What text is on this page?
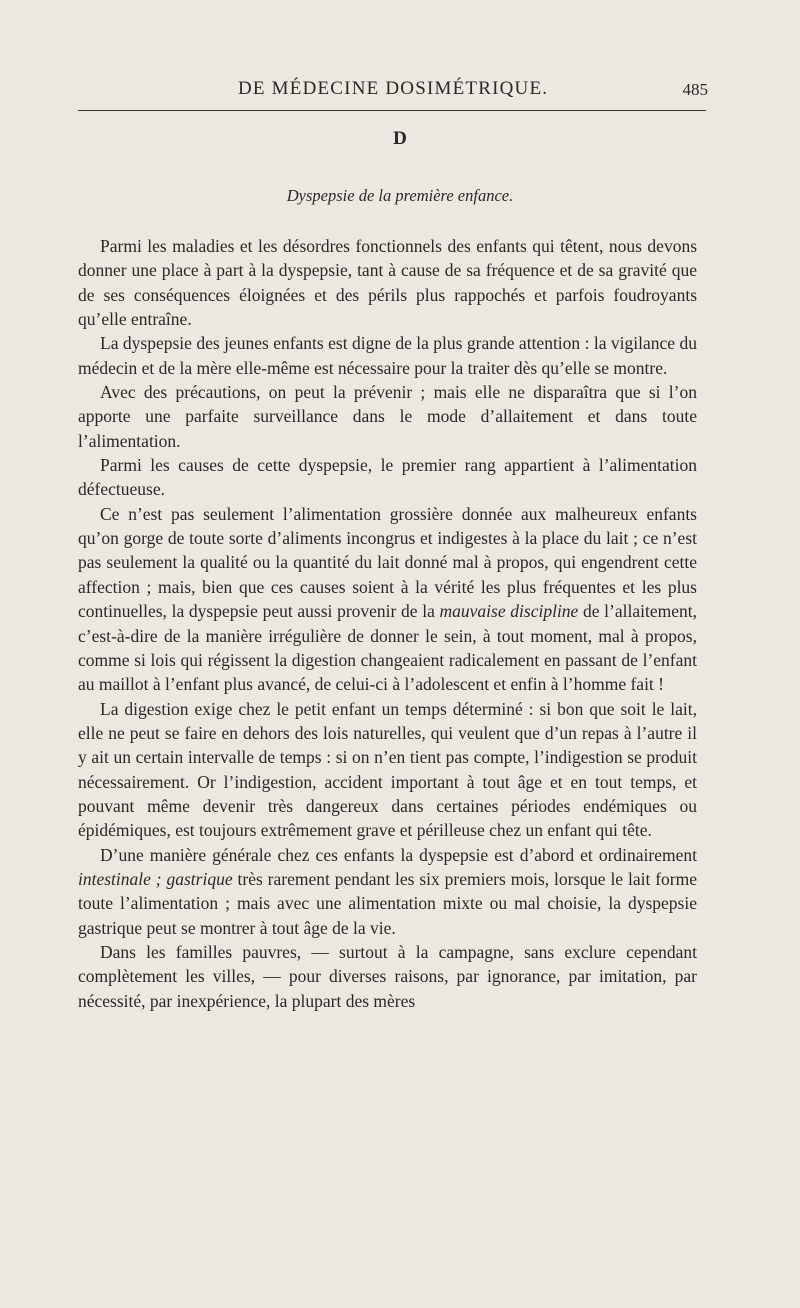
DE MÉDECINE DOSIMÉTRIQUE.	485
D
Dyspepsie de la première enfance.

Parmi les maladies et les désordres fonctionnels des enfants qui têtent, nous devons donner une place à part à la dyspepsie, tant à cause de sa fréquence et de sa gravité que de ses conséquences éloignées et des périls plus rappochés et parfois foudroyants qu’elle entraîne.

La dyspepsie des jeunes enfants est digne de la plus grande attention : la vigilance du médecin et de la mère elle-même est nécessaire pour la traiter dès qu’elle se montre.

Avec des précautions, on peut la prévenir ; mais elle ne disparaîtra que si l’on apporte une parfaite surveillance dans le mode d’allaitement et dans toute l’alimentation.

Parmi les causes de cette dyspepsie, le premier rang appartient à l’alimentation défectueuse.

Ce n’est pas seulement l’alimentation grossière donnée aux malheureux enfants qu’on gorge de toute sorte d’aliments incongrus et indigestes à la place du lait ; ce n’est pas seulement la qualité ou la quantité du lait donné mal à propos, qui engendrent cette affection ; mais, bien que ces causes soient à la vérité les plus fréquentes et les plus continuelles, la dyspepsie peut aussi provenir de la mauvaise discipline de l’allaitement, c’est-à-dire de la manière irrégulière de donner le sein, à tout moment, mal à propos, comme si lois qui régissent la digestion changeaient radicalement en passant de l’enfant au maillot à l’enfant plus avancé, de celui-ci à l’adolescent et enfin à l’homme fait !

La digestion exige chez le petit enfant un temps déterminé : si bon que soit le lait, elle ne peut se faire en dehors des lois naturelles, qui veulent que d’un repas à l’autre il y ait un certain intervalle de temps : si on n’en tient pas compte, l’indigestion se produit nécessairement. Or l’indigestion, accident important à tout âge et en tout temps, et pouvant même devenir très dangereux dans certaines périodes endémiques ou épidémiques, est toujours extrêmement grave et périlleuse chez un enfant qui tête.

D’une manière générale chez ces enfants la dyspepsie est d’abord et ordinairement intestinale ; gastrique très rarement pendant les six premiers mois, lorsque le lait forme toute l’alimentation ; mais avec une alimentation mixte ou mal choisie, la dyspepsie gastrique peut se montrer à tout âge de la vie.

Dans les familles pauvres, — surtout à la campagne, sans exclure cependant complètement les villes, — pour diverses raisons, par ignorance, par imitation, par nécessité, par inexpérience, la plupart des mères
